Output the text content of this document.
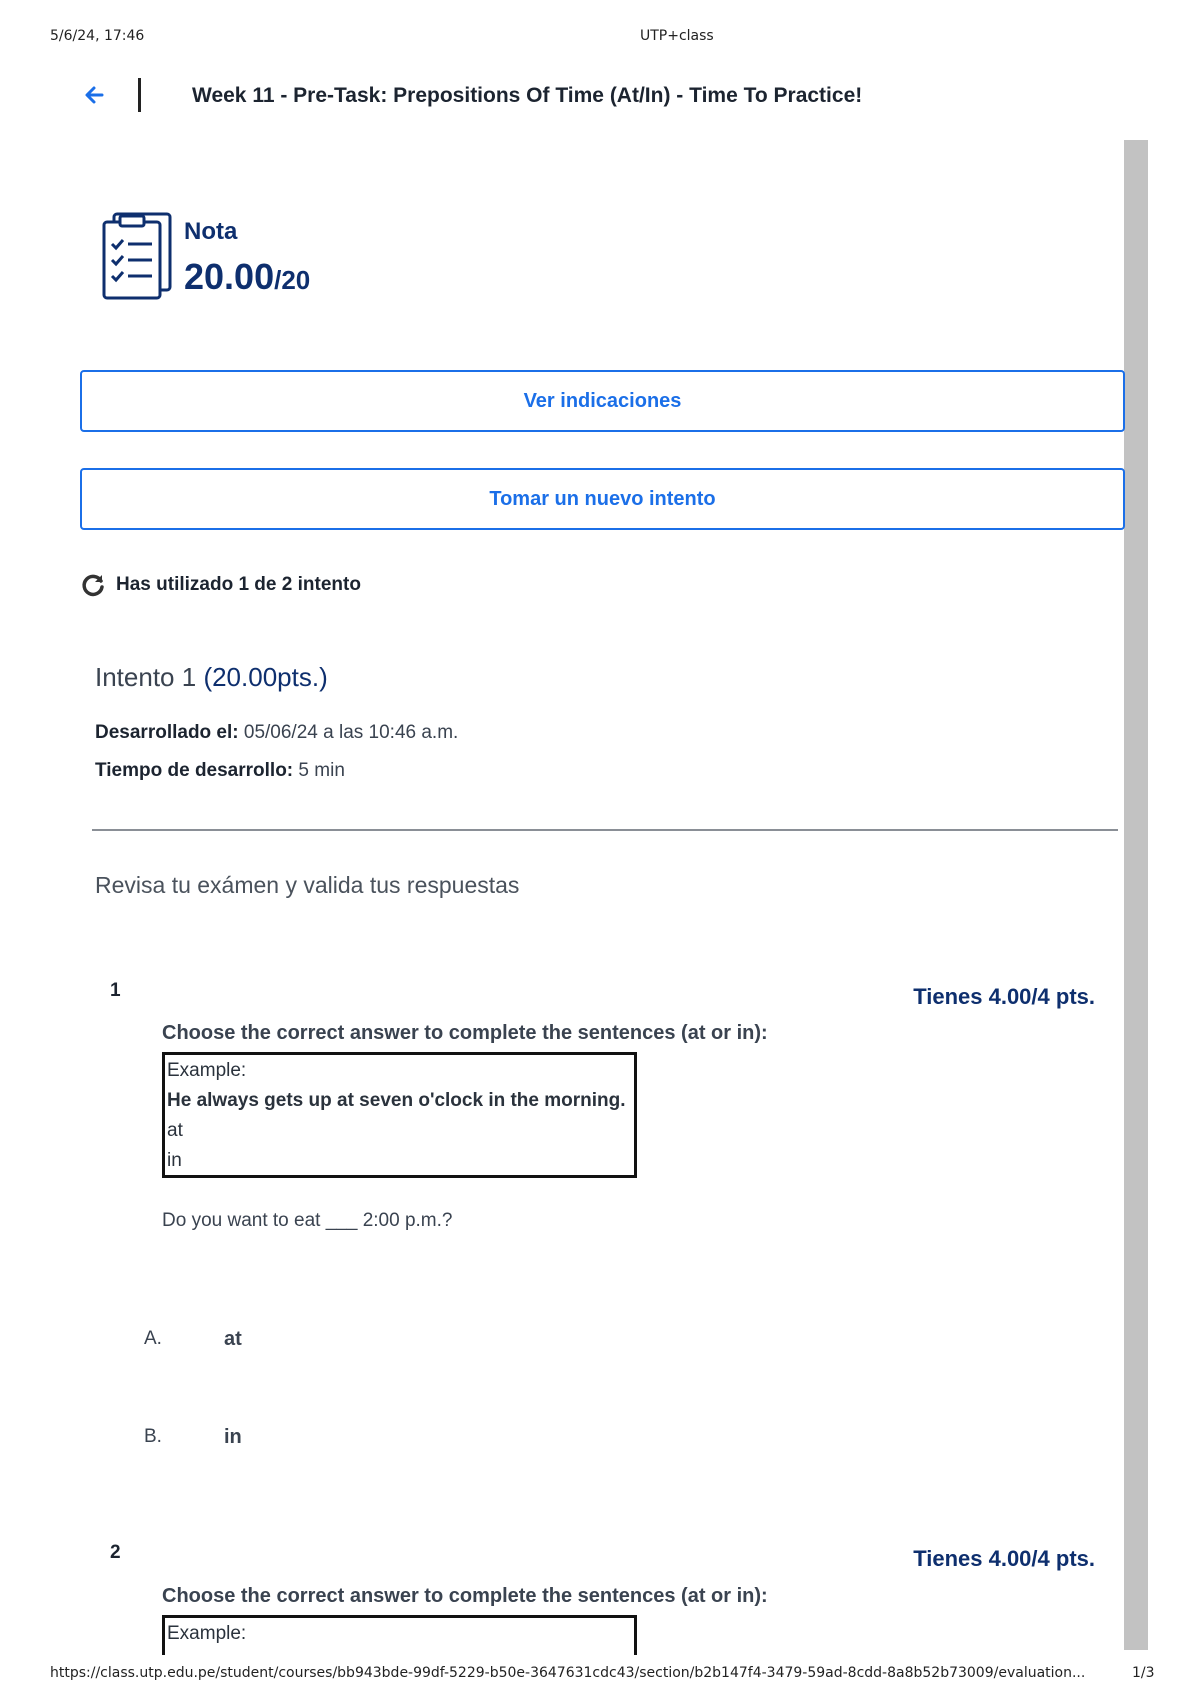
5/6/24, 17:46	UTP+class
Week 11 - Pre-Task: Prepositions Of Time (At/In) - Time To Practice!
Nota
20.00/20
Ver indicaciones
Tomar un nuevo intento
Has utilizado 1 de 2 intento
Intento 1 (20.00pts.)
Desarrollado el: 05/06/24 a las 10:46 a.m.
Tiempo de desarrollo: 5 min
Revisa tu exámen y valida tus respuestas
1	Tienes 4.00/4 pts.
Choose the correct answer to complete the sentences (at or in):
Example:
He always gets up at seven o'clock in the morning.
at
in
Do you want to eat ___ 2:00 p.m.?
A.	at
B.	in
2	Tienes 4.00/4 pts.
Choose the correct answer to complete the sentences (at or in):
Example:
https://class.utp.edu.pe/student/courses/bb943bde-99df-5229-b50e-3647631cdc43/section/b2b147f4-3479-59ad-8cdd-8a8b52b73009/evaluation...	1/3
